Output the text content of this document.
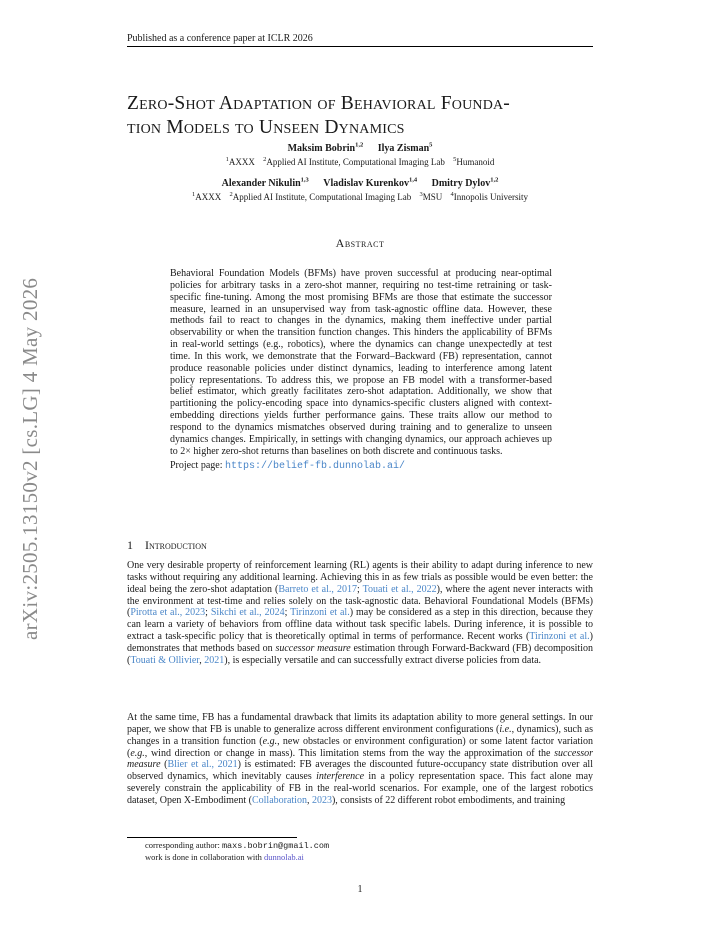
Published as a conference paper at ICLR 2026
arXiv:2505.13150v2 [cs.LG] 4 May 2026
Zero-Shot Adaptation of Behavioral Founda-
tion Models to Unseen Dynamics
Maksim Bobrin$^{1,2}$ Ilya Zisman$^5$
$^1$AXXX $^2$Applied AI Institute, Computational Imaging Lab $^5$Humanoid
Alexander Nikulin$^{1,3}$ Vladislav Kurenkov$^{1,4}$ Dmitry Dylov$^{1,2}$
$^1$AXXX $^2$Applied AI Institute, Computational Imaging Lab $^3$MSU $^4$Innopolis University
Abstract
Behavioral Foundation Models (BFMs) have proven successful at producing near-optimal policies for arbitrary tasks in a zero-shot manner, requiring no test-time retraining or task-specific fine-tuning. Among the most promising BFMs are those that estimate the successor measure, learned in an unsupervised way from task-agnostic offline data. However, these methods fail to react to changes in the dynamics, making them ineffective under partial observability or when the transition function changes. This hinders the applicability of BFMs in real-world settings (e.g., robotics), where the dynamics can change unexpectedly at test time. In this work, we demonstrate that the Forward–Backward (FB) representation, cannot produce reasonable policies under distinct dynamics, leading to interference among latent policy representations. To address this, we propose an FB model with a transformer-based belief estimator, which greatly facilitates zero-shot adaptation. Additionally, we show that partitioning the policy-encoding space into dynamics-specific clusters aligned with context-embedding directions yields further performance gains. These traits allow our method to respond to the dynamics mismatches observed during training and to generalize to unseen dynamics changes. Empirically, in settings with changing dynamics, our approach achieves up to 2× higher zero-shot returns than baselines on both discrete and continuous tasks.
Project page: https://belief-fb.dunnolab.ai/
1 Introduction
One very desirable property of reinforcement learning (RL) agents is their ability to adapt during inference to new tasks without requiring any additional learning. Achieving this in as few trials as possible would be even better: the ideal being the zero-shot adaptation (Barreto et al., 2017; Touati et al., 2022), where the agent never interacts with the environment at test-time and relies solely on the task-agnostic data. Behavioral Foundational Models (BFMs) (Pirotta et al., 2023; Sikchi et al., 2024; Tirinzoni et al.) may be considered as a step in this direction, because they can learn a variety of behaviors from offline data without task specific labels. During inference, it is possible to extract a task-specific policy that is theoretically optimal in terms of performance. Recent works (Tirinzoni et al.) demonstrates that methods based on successor measure estimation through Forward-Backward (FB) decomposition (Touati & Ollivier, 2021), is especially versatile and can successfully extract diverse policies from data.
At the same time, FB has a fundamental drawback that limits its adaptation ability to more general settings. In our paper, we show that FB is unable to generalize across different environment configurations (i.e., dynamics), such as changes in a transition function (e.g., new obstacles or environment configuration) or some latent factor variation (e.g., wind direction or change in mass). This limitation stems from the way the approximation of the successor measure (Blier et al., 2021) is estimated: FB averages the discounted future-occupancy state distribution over all observed dynamics, which inevitably causes interference in a policy representation space. This fact alone may severely constrain the applicability of FB in the real-world scenarios. For example, one of the largest robotics dataset, Open X-Embodiment (Collaboration, 2023), consists of 22 different robot embodiments, and training
corresponding author: maxs.bobrin@gmail.com
work is done in collaboration with dunnolab.ai
1
